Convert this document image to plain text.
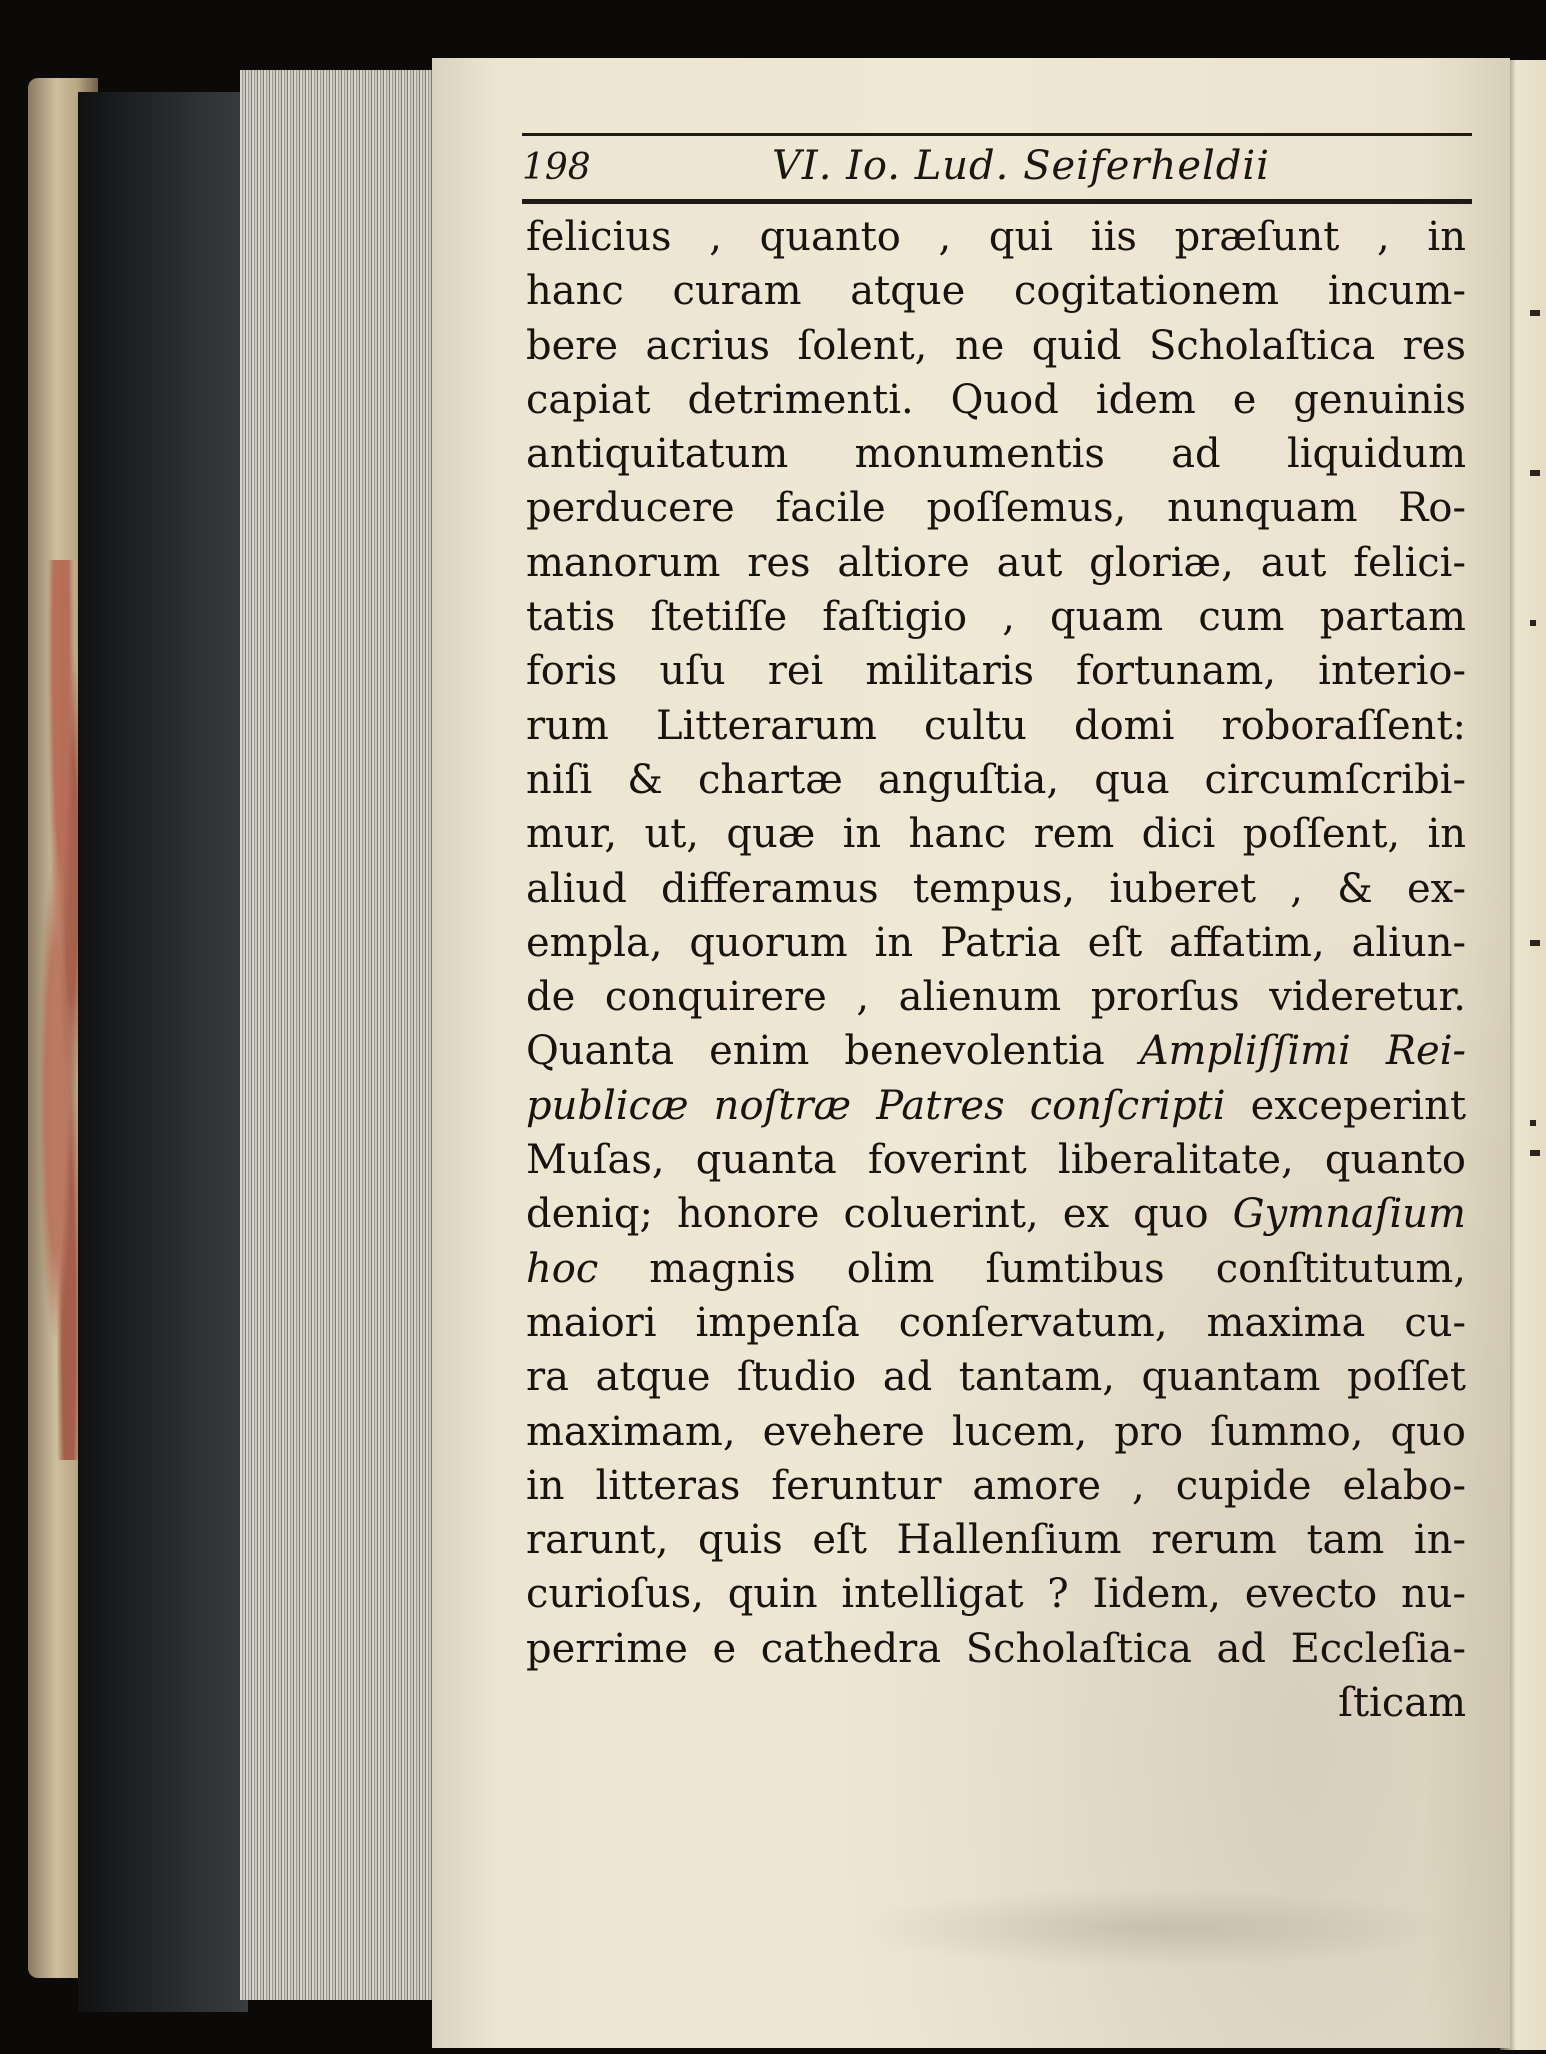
198	VI. Io. Lud. Seiferheldii
felicius , quanto , qui iis præſunt , in
hanc curam atque cogitationem incum-
bere acrius ſolent, ne quid Scholaſtica res
capiat detrimenti. Quod idem e genuinis
antiquitatum monumentis ad liquidum
perducere facile poſſemus, nunquam Ro-
manorum res altiore aut gloriæ, aut felici-
tatis ſtetiſſe faſtigio , quam cum partam
foris uſu rei militaris fortunam, interio-
rum Litterarum cultu domi roboraſſent:
niſi & chartæ anguſtia, qua circumſcribi-
mur, ut, quæ in hanc rem dici poſſent, in
aliud differamus tempus, iuberet , & ex-
empla, quorum in Patria eſt affatim, aliun-
de conquirere , alienum prorſus videretur.
Quanta enim benevolentia Ampliſſimi Rei-
publicæ noſtræ Patres conſcripti exceperint
Muſas, quanta foverint liberalitate, quanto
deniq; honore coluerint, ex quo Gymnaſium
hoc magnis olim ſumtibus conſtitutum,
maiori impenſa conſervatum, maxima cu-
ra atque ſtudio ad tantam, quantam poſſet
maximam, evehere lucem, pro ſummo, quo
in litteras feruntur amore , cupide elabo-
rarunt, quis eſt Hallenſium rerum tam in-
curioſus, quin intelligat ? Iidem, evecto nu-
perrime e cathedra Scholaſtica ad Eccleſia-
ſticam
